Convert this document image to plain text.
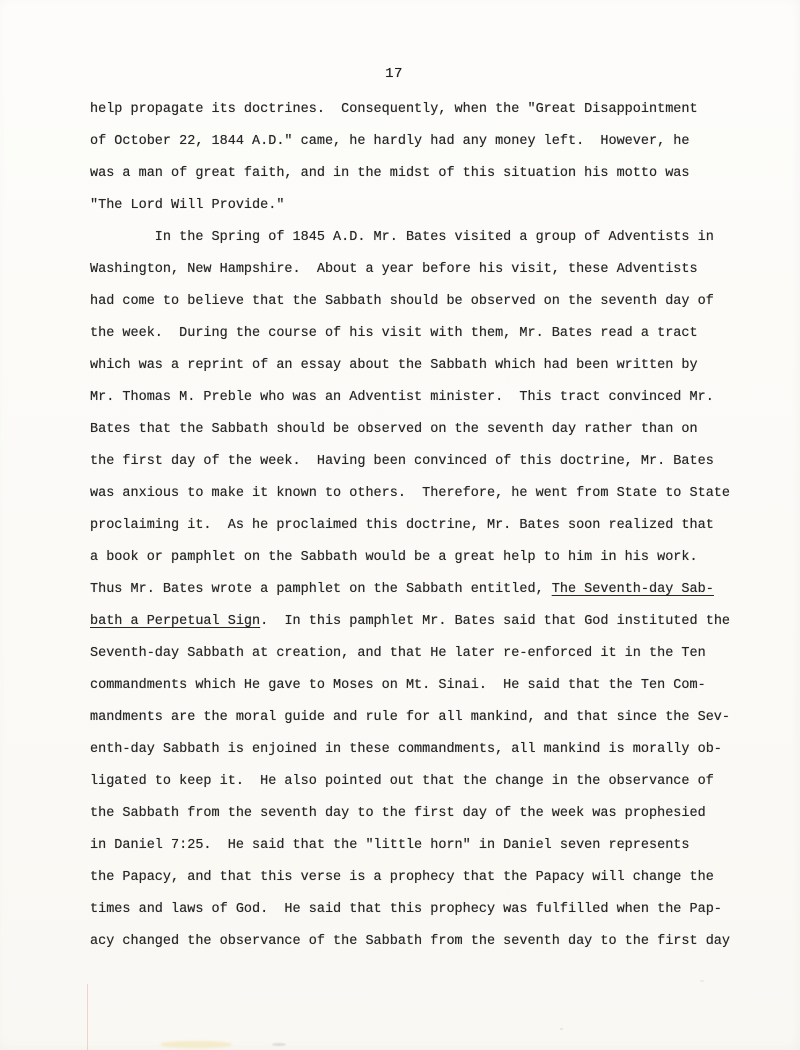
17
help propagate its doctrines.  Consequently, when the "Great Disappointment
of October 22, 1844 A.D." came, he hardly had any money left.  However, he
was a man of great faith, and in the midst of this situation his motto was
"The Lord Will Provide."
In the Spring of 1845 A.D. Mr. Bates visited a group of Adventists in
Washington, New Hampshire.  About a year before his visit, these Adventists
had come to believe that the Sabbath should be observed on the seventh day of
the week.  During the course of his visit with them, Mr. Bates read a tract
which was a reprint of an essay about the Sabbath which had been written by
Mr. Thomas M. Preble who was an Adventist minister.  This tract convinced Mr.
Bates that the Sabbath should be observed on the seventh day rather than on
the first day of the week.  Having been convinced of this doctrine, Mr. Bates
was anxious to make it known to others.  Therefore, he went from State to State
proclaiming it.  As he proclaimed this doctrine, Mr. Bates soon realized that
a book or pamphlet on the Sabbath would be a great help to him in his work.
Thus Mr. Bates wrote a pamphlet on the Sabbath entitled, The Seventh-day Sab-
bath a Perpetual Sign.  In this pamphlet Mr. Bates said that God instituted the
Seventh-day Sabbath at creation, and that He later re-enforced it in the Ten
commandments which He gave to Moses on Mt. Sinai.  He said that the Ten Com-
mandments are the moral guide and rule for all mankind, and that since the Sev-
enth-day Sabbath is enjoined in these commandments, all mankind is morally ob-
ligated to keep it.  He also pointed out that the change in the observance of
the Sabbath from the seventh day to the first day of the week was prophesied
in Daniel 7:25.  He said that the "little horn" in Daniel seven represents
the Papacy, and that this verse is a prophecy that the Papacy will change the
times and laws of God.  He said that this prophecy was fulfilled when the Pap-
acy changed the observance of the Sabbath from the seventh day to the first day
